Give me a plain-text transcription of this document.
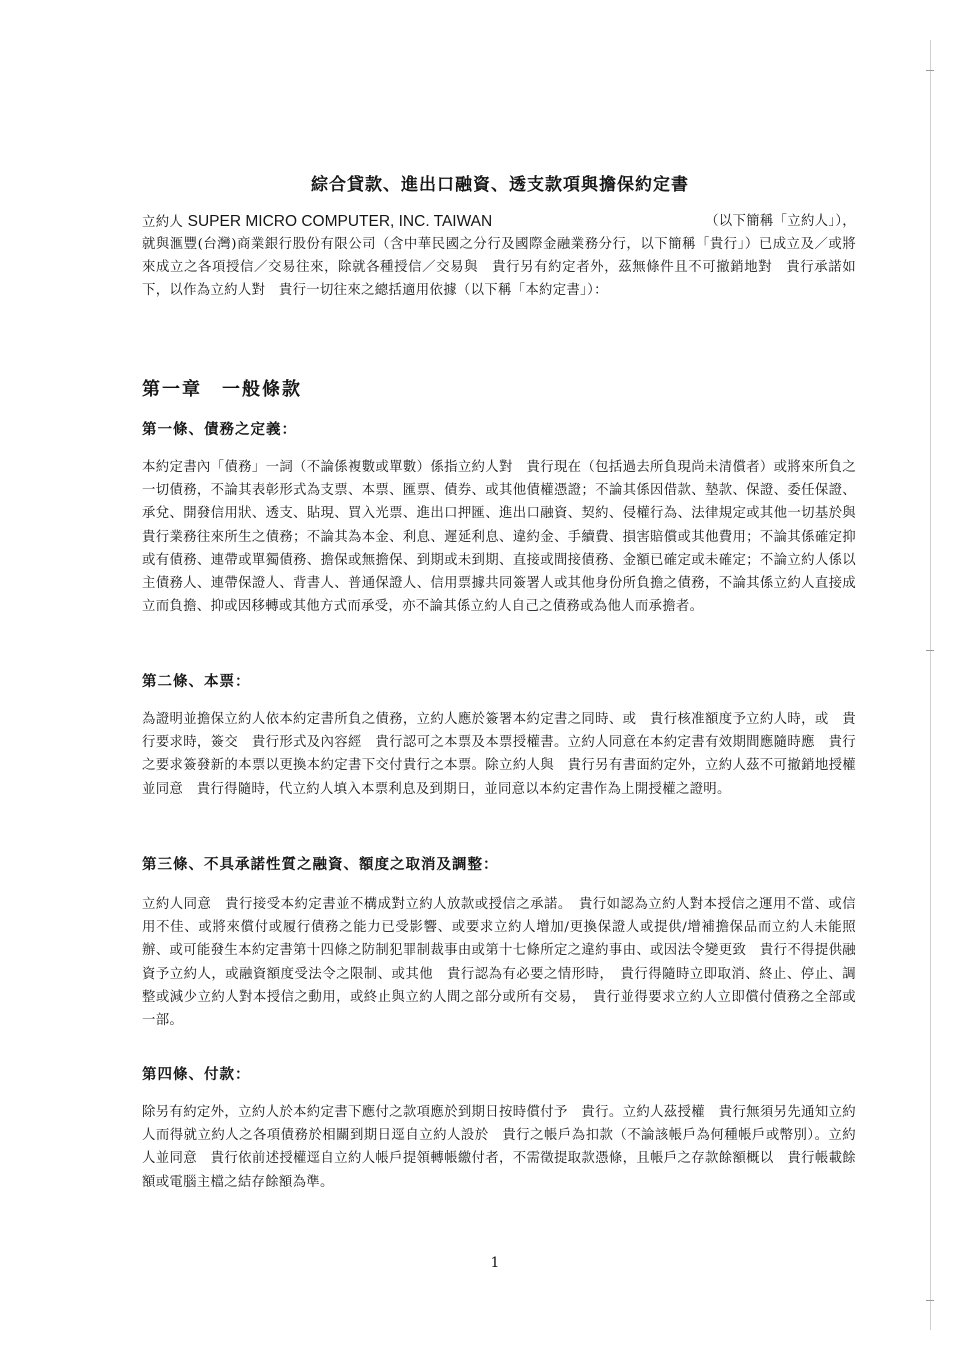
綜合貸款、進出口融資、透支款項與擔保約定書

立約人 SUPER MICRO COMPUTER, INC. TAIWAN	（以下簡稱「立約人」），

就與滙豐(台灣)商業銀行股份有限公司（含中華民國之分行及國際金融業務分行，以下簡稱「貴行」）已成立及／或將來成立之各項授信／交易往來，除就各種授信／交易與　貴行另有約定者外，茲無條件且不可撤銷地對　貴行承諾如下，以作為立約人對　貴行一切往來之總括適用依據（以下稱「本約定書」）：

第一章　一般條款
第一條、債務之定義：

本約定書內「債務」一詞（不論係複數或單數）係指立約人對　貴行現在（包括過去所負現尚未清償者）或將來所負之一切債務，不論其表彰形式為支票、本票、匯票、債券、或其他債權憑證；不論其係因借款、墊款、保證、委任保證、承兌、開發信用狀、透支、貼現、買入光票、進出口押匯、進出口融資、契約、侵權行為、法律規定或其他一切基於與　貴行業務往來所生之債務；不論其為本金、利息、遲延利息、違約金、手續費、損害賠償或其他費用；不論其係確定抑或有債務、連帶或單獨債務、擔保或無擔保、到期或未到期、直接或間接債務、金額已確定或未確定；不論立約人係以主債務人、連帶保證人、背書人、普通保證人、信用票據共同簽署人或其他身份所負擔之債務，不論其係立約人直接成立而負擔、抑或因移轉或其他方式而承受，亦不論其係立約人自己之債務或為他人而承擔者。

第二條、本票：

為證明並擔保立約人依本約定書所負之債務，立約人應於簽署本約定書之同時、或　貴行核准額度予立約人時，或　貴行要求時，簽交　貴行形式及內容經　貴行認可之本票及本票授權書。立約人同意在本約定書有效期間應隨時應　貴行之要求簽發新的本票以更換本約定書下交付貴行之本票。除立約人與　貴行另有書面約定外，立約人茲不可撤銷地授權並同意　貴行得隨時，代立約人填入本票利息及到期日，並同意以本約定書作為上開授權之證明。

第三條、不具承諾性質之融資、額度之取消及調整：

立約人同意　貴行接受本約定書並不構成對立約人放款或授信之承諾。　貴行如認為立約人對本授信之運用不當、或信用不佳、或將來償付或履行債務之能力已受影響、或要求立約人增加/更換保證人或提供/增補擔保品而立約人未能照辦、或可能發生本約定書第十四條之防制犯罪制裁事由或第十七條所定之違約事由、或因法令變更致　貴行不得提供融資予立約人，或融資額度受法令之限制、或其他　貴行認為有必要之情形時，　貴行得隨時立即取消、終止、停止、調整或減少立約人對本授信之動用，或終止與立約人間之部分或所有交易，　貴行並得要求立約人立即償付債務之全部或一部。

第四條、付款：

除另有約定外，立約人於本約定書下應付之款項應於到期日按時償付予　貴行。立約人茲授權　貴行無須另先通知立約人而得就立約人之各項債務於相關到期日逕自立約人設於　貴行之帳戶為扣款（不論該帳戶為何種帳戶或幣別）。立約人並同意　貴行依前述授權逕自立約人帳戶提領轉帳繳付者，不需徵提取款憑條，且帳戶之存款餘額概以　貴行帳載餘額或電腦主檔之結存餘額為準。

1
